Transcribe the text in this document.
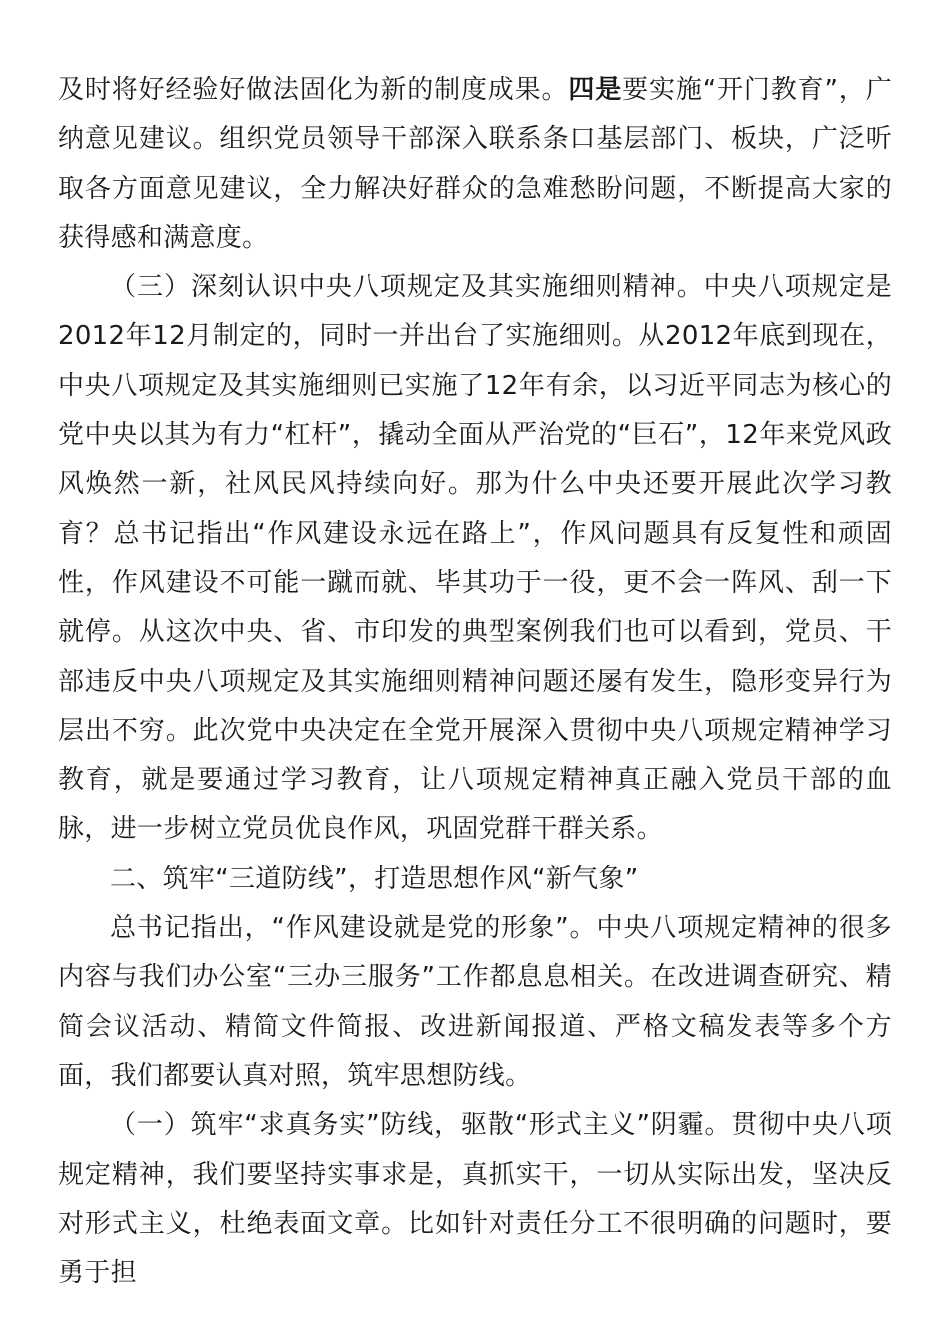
及时将好经验好做法固化为新的制度成果。四是要实施“开门教育”，广纳意见建议。组织党员领导干部深入联系条口基层部门、板块，广泛听取各方面意见建议，全力解决好群众的急难愁盼问题，不断提高大家的获得感和满意度。

（三）深刻认识中央八项规定及其实施细则精神。中央八项规定是2012年12月制定的，同时一并出台了实施细则。从2012年底到现在，中央八项规定及其实施细则已实施了12年有余，以习近平同志为核心的党中央以其为有力“杠杆”，撬动全面从严治党的“巨石”，12年来党风政风焕然一新，社风民风持续向好。那为什么中央还要开展此次学习教育？总书记指出“作风建设永远在路上”，作风问题具有反复性和顽固性，作风建设不可能一蹴而就、毕其功于一役，更不会一阵风、刮一下就停。从这次中央、省、市印发的典型案例我们也可以看到，党员、干部违反中央八项规定及其实施细则精神问题还屡有发生，隐形变异行为层出不穷。此次党中央决定在全党开展深入贯彻中央八项规定精神学习教育，就是要通过学习教育，让八项规定精神真正融入党员干部的血脉，进一步树立党员优良作风，巩固党群干群关系。

二、筑牢“三道防线”，打造思想作风“新气象”

总书记指出，“作风建设就是党的形象”。中央八项规定精神的很多内容与我们办公室“三办三服务”工作都息息相关。在改进调查研究、精简会议活动、精简文件简报、改进新闻报道、严格文稿发表等多个方面，我们都要认真对照，筑牢思想防线。

（一）筑牢“求真务实”防线，驱散“形式主义”阴霾。贯彻中央八项规定精神，我们要坚持实事求是，真抓实干，一切从实际出发，坚决反对形式主义，杜绝表面文章。比如针对责任分工不很明确的问题时，要勇于担
